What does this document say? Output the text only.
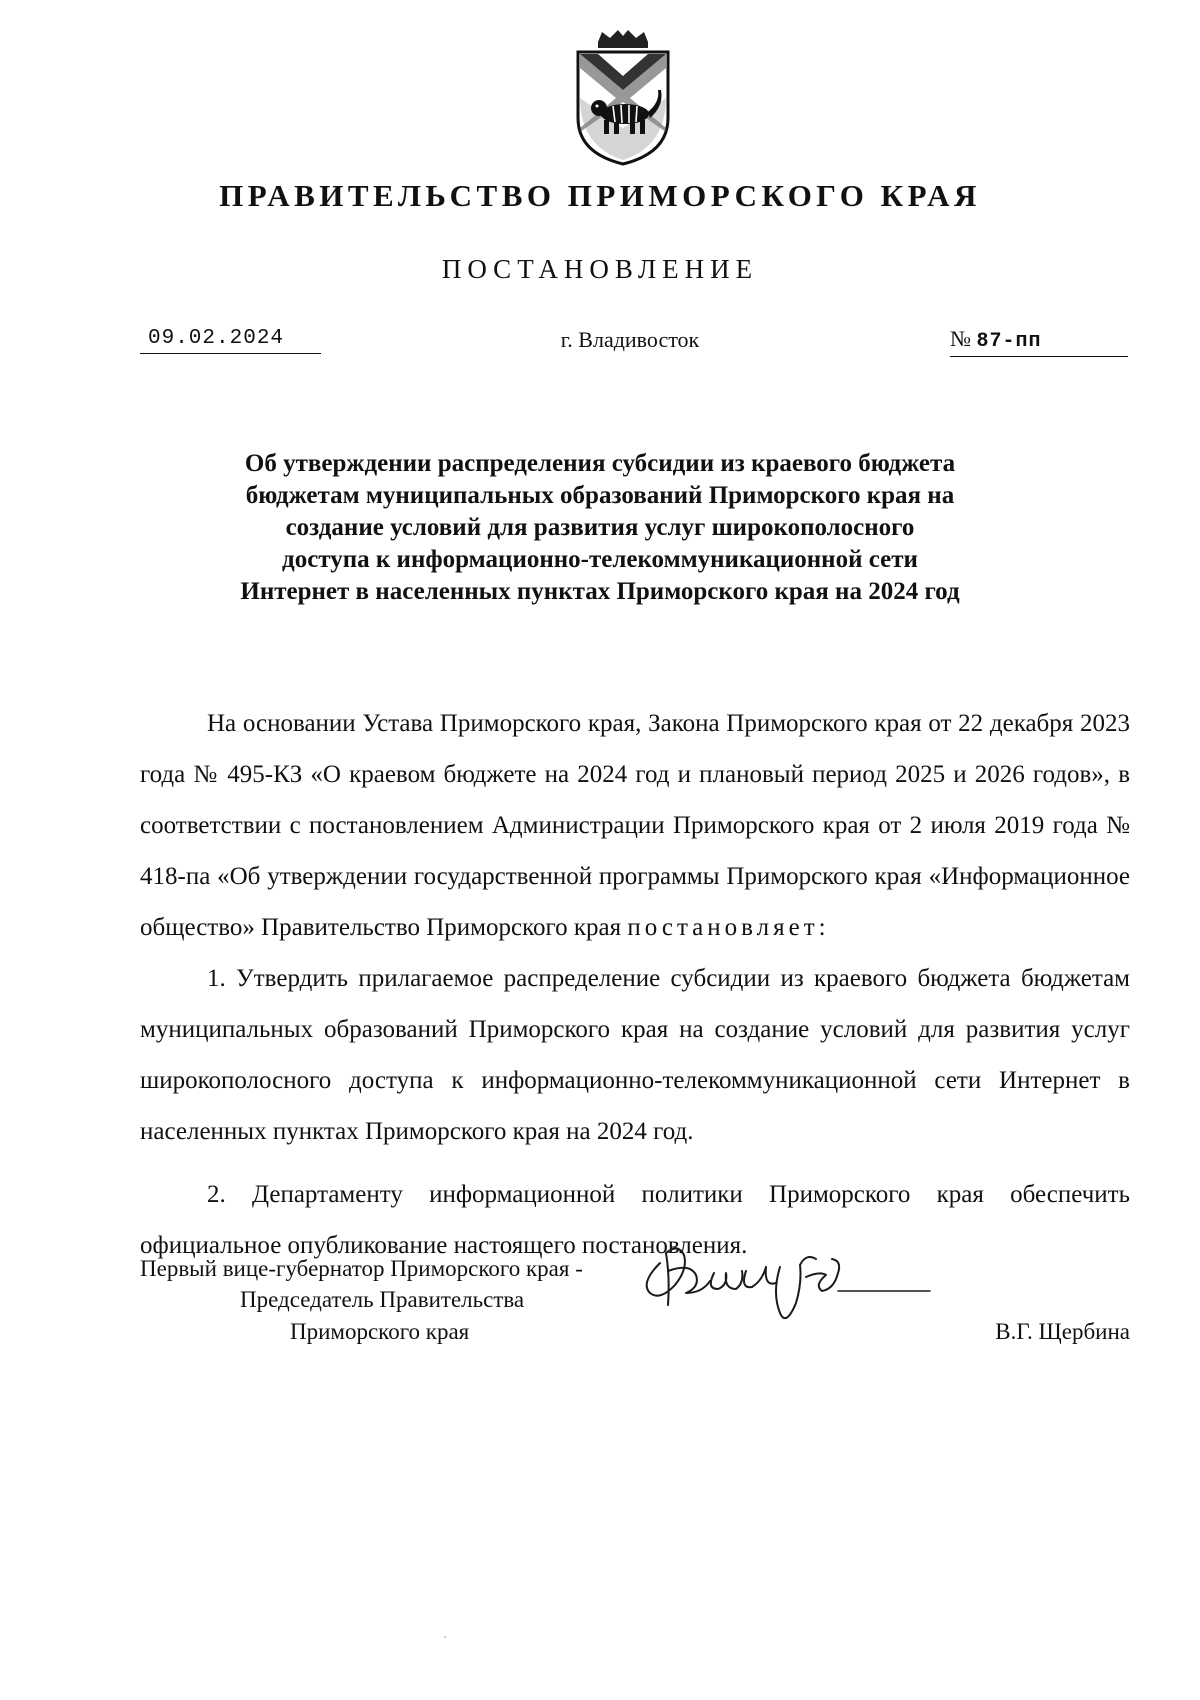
ПРАВИТЕЛЬСТВО ПРИМОРСКОГО КРАЯ
ПОСТАНОВЛЕНИЕ
09.02.2024	г. Владивосток	№ 87-пп
Об утверждении распределения субсидии из краевого бюджета бюджетам муниципальных образований Приморского края на создание условий для развития услуг широкополосного доступа к информационно-телекоммуникационной сети Интернет в населенных пунктах Приморского края на 2024 год

На основании Устава Приморского края, Закона Приморского края от 22 декабря 2023 года № 495-КЗ «О краевом бюджете на 2024 год и плановый период 2025 и 2026 годов», в соответствии с постановлением Администрации Приморского края от 2 июля 2019 года № 418-па «Об утверждении государственной программы Приморского края «Информационное общество» Правительство Приморского края постановляет:

1. Утвердить прилагаемое распределение субсидии из краевого бюджета бюджетам муниципальных образований Приморского края на создание условий для развития услуг широкополосного доступа к информационно-телекоммуникационной сети Интернет в населенных пунктах Приморского края на 2024 год.

2. Департаменту информационной политики Приморского края обеспечить официальное опубликование настоящего постановления.

Первый вице-губернатор Приморского края -
Председатель Правительства
Приморского края	В.Г. Щербина
